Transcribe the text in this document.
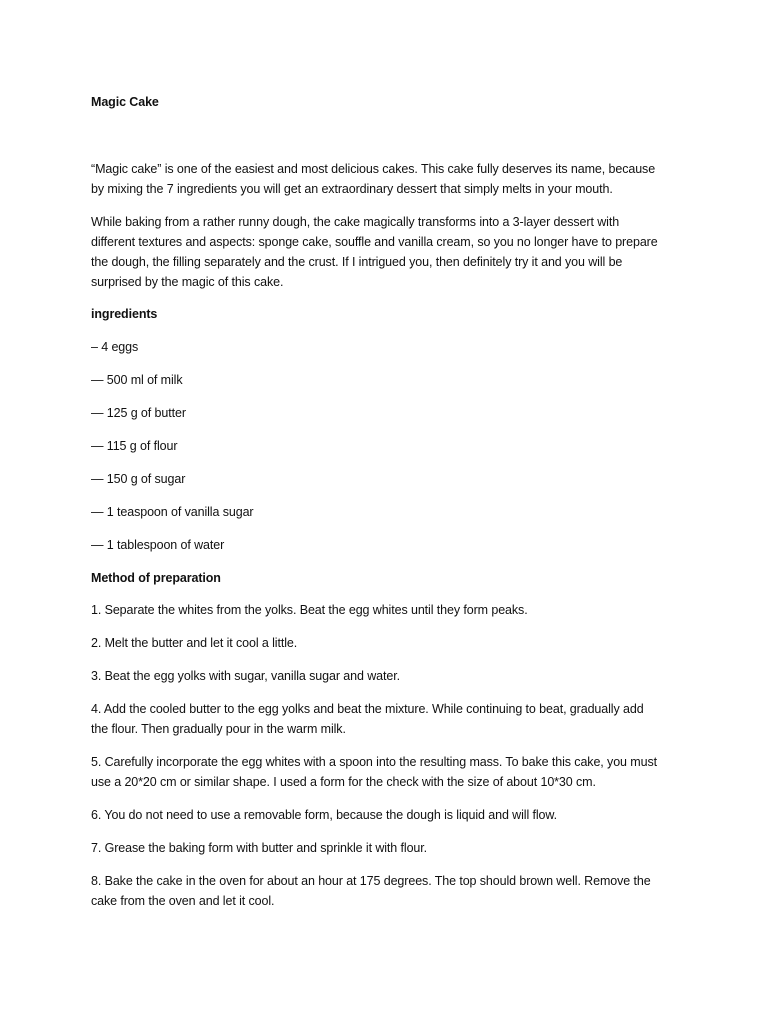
Magic Cake
“Magic cake” is one of the easiest and most delicious cakes. This cake fully deserves its name, because
by mixing the 7 ingredients you will get an extraordinary dessert that simply melts in your mouth.
While baking from a rather runny dough, the cake magically transforms into a 3-layer dessert with
different textures and aspects: sponge cake, souffle and vanilla cream, so you no longer have to prepare
the dough, the filling separately and the crust. If I intrigued you, then definitely try it and you will be
surprised by the magic of this cake.
ingredients
– 4 eggs
— 500 ml of milk
— 125 g of butter
— 115 g of flour
— 150 g of sugar
— 1 teaspoon of vanilla sugar
— 1 tablespoon of water
Method of preparation
1. Separate the whites from the yolks. Beat the egg whites until they form peaks.
2. Melt the butter and let it cool a little.
3. Beat the egg yolks with sugar, vanilla sugar and water.
4. Add the cooled butter to the egg yolks and beat the mixture. While continuing to beat, gradually add
the flour. Then gradually pour in the warm milk.
5. Carefully incorporate the egg whites with a spoon into the resulting mass. To bake this cake, you must
use a 20*20 cm or similar shape. I used a form for the check with the size of about 10*30 cm.
6. You do not need to use a removable form, because the dough is liquid and will flow.
7. Grease the baking form with butter and sprinkle it with flour.
8. Bake the cake in the oven for about an hour at 175 degrees. The top should brown well. Remove the
cake from the oven and let it cool.
